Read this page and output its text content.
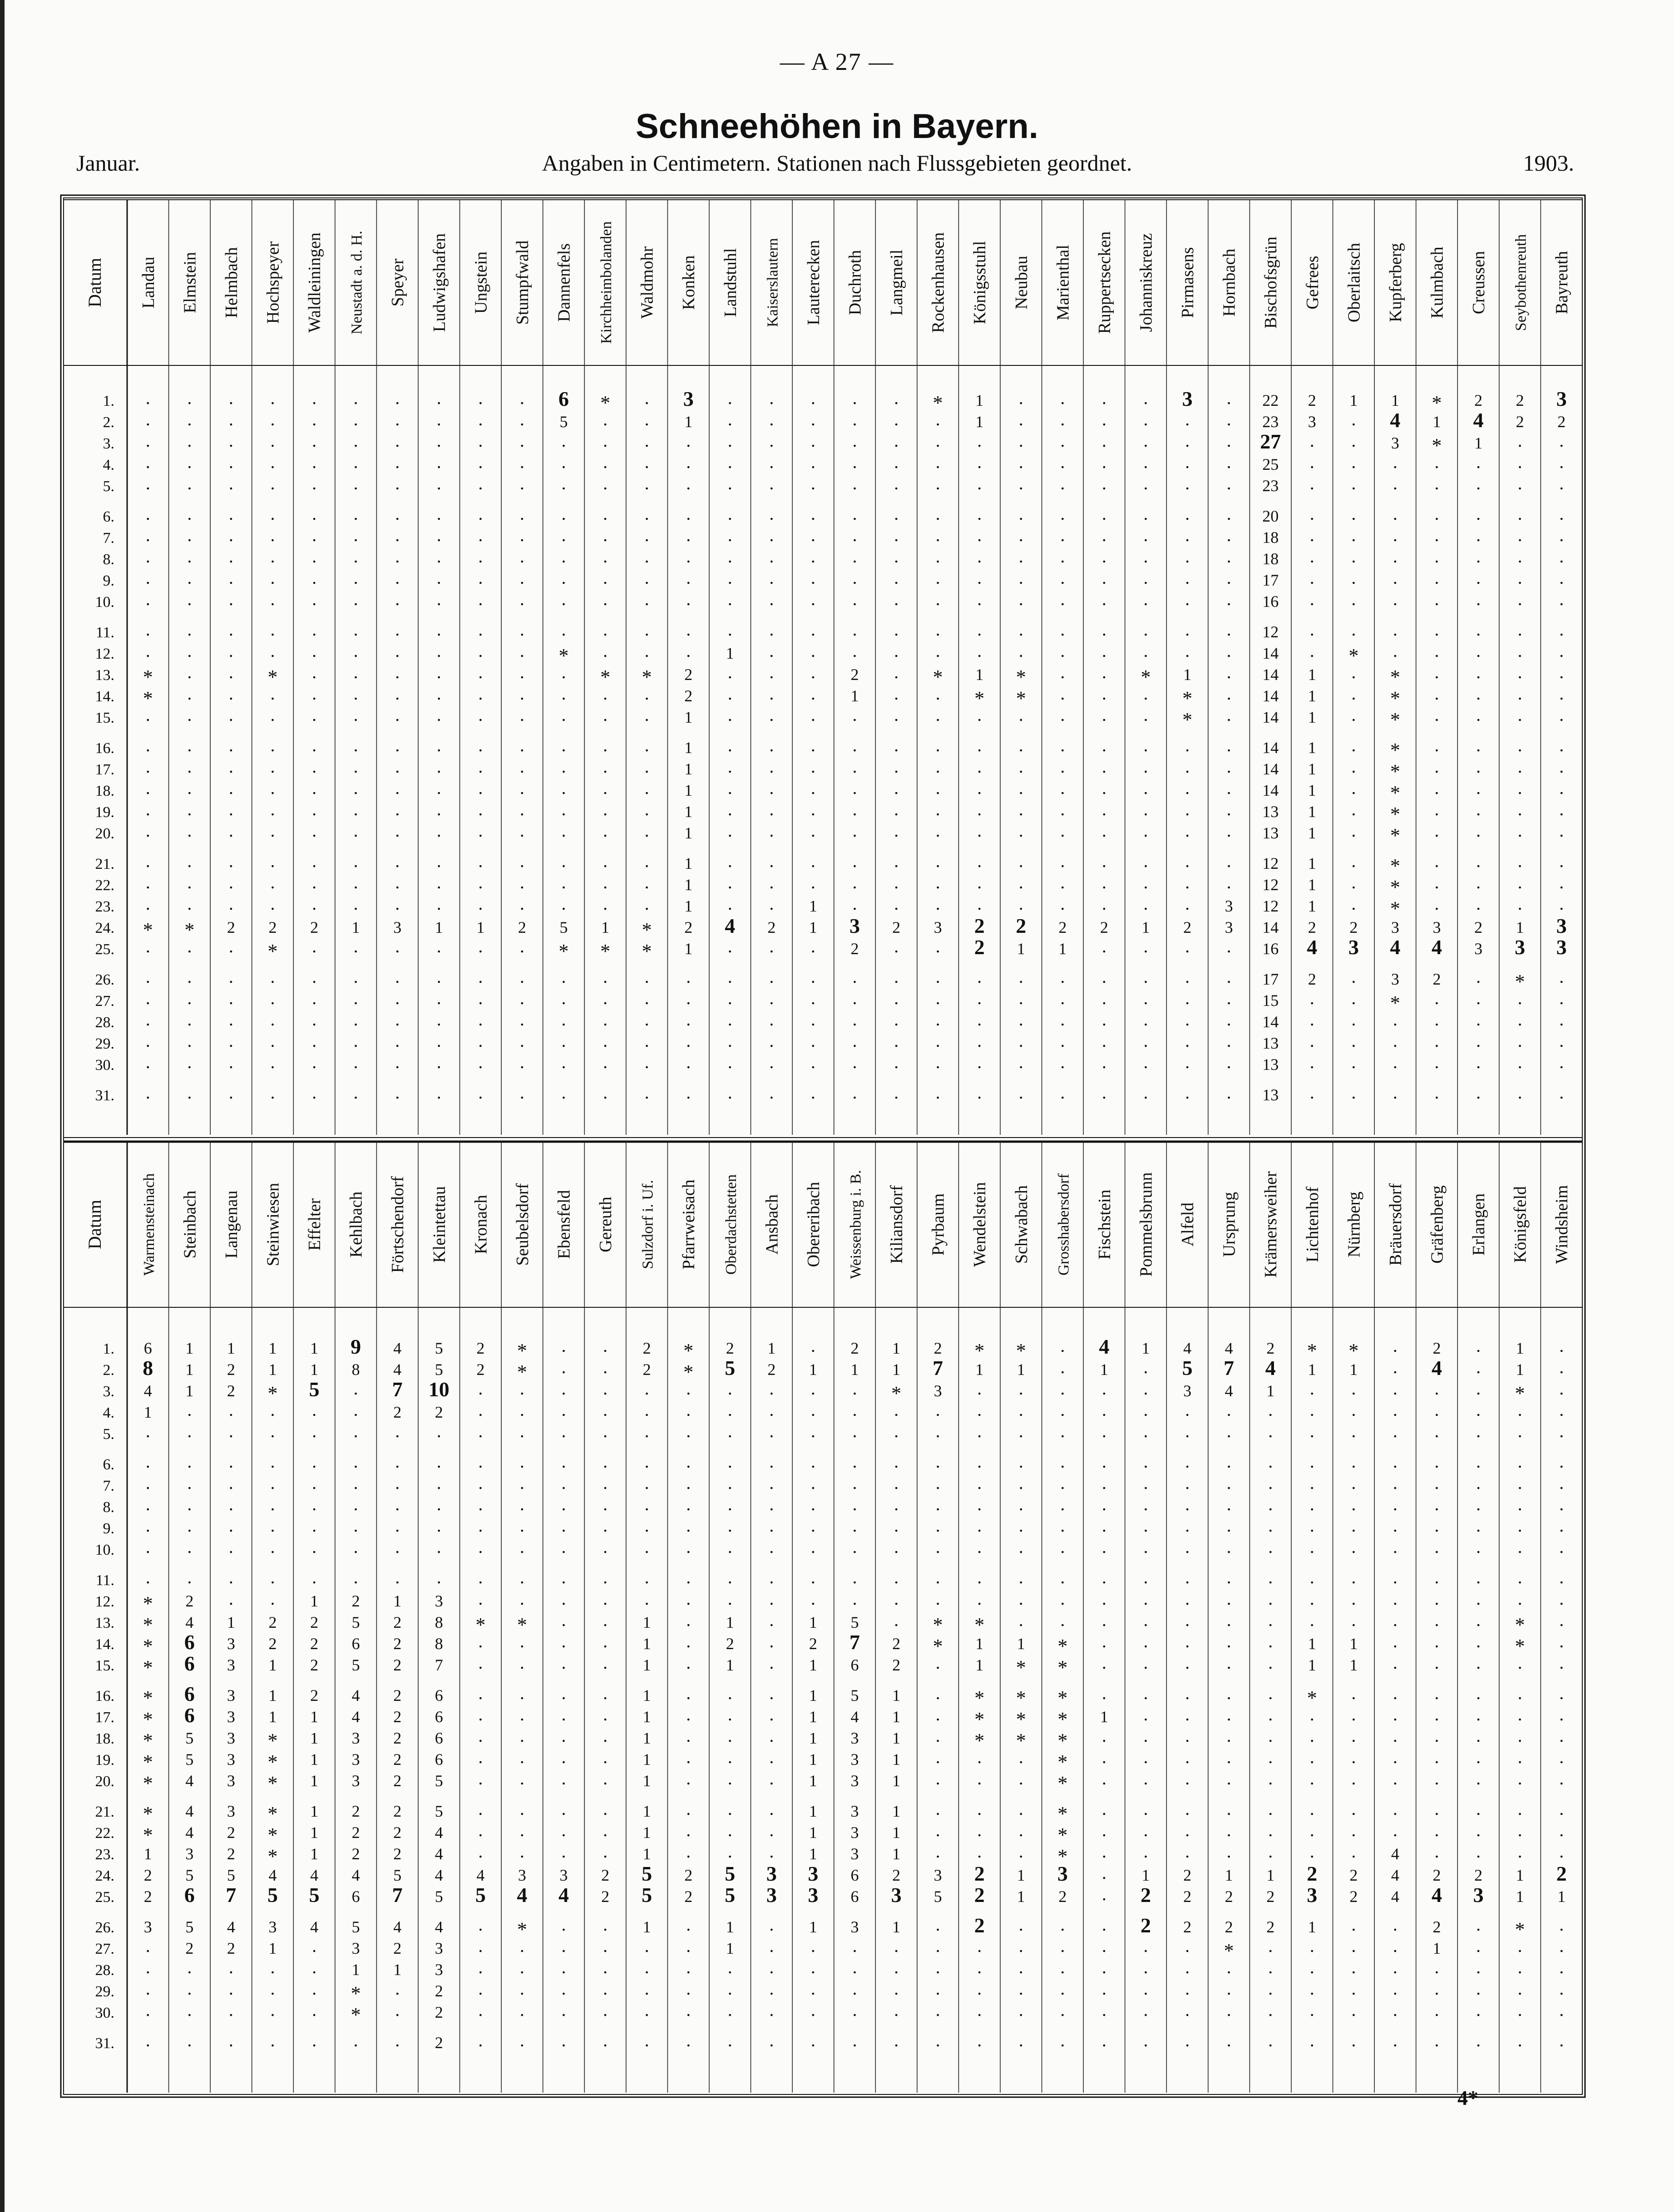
— A 27 —
Schneehöhen in Bayern.
Januar.	Angaben in Centimetern. Stationen nach Flussgebieten geordnet.	1903.
Datum Landau Elmstein Helmbach Hochspeyer Waldleiningen Neustadt a. d. H. Speyer Ludwigshafen Ungstein Stumpfwald Dannenfels Kirchheimbolanden Waldmohr Konken Landstuhl Kaiserslautern Lauterecken Duchroth Langmeil Rockenhausen Königsstuhl Neubau Marienthal Ruppertsecken Johanniskreuz Pirmasens Hornbach Bischofsgrün Gefrees Oberlaitsch Kupferberg Kulmbach Creussen Seybothenreuth Bayreuth
1.
2.
3.
4.
5.
6.
7.
8.
9.
10.
11.
12.
13.
14.
15.
16.
17.
18.
19.
20.
21.
22.
23.
24.
25.
26.
27.
28.
29.
30.
31.
. . . . . . . . . . 6 * . 3 . . . . . * 1 . . . . 3 . 22 2 1 1 * 2 2 3
. . . . . . . . . . 5 . . 1 . . . . . . 1 . . . . . . 23 3 . 4 1 4 2 2
. . . . . . . . . . . . . . . . . . . . . . . . . . . 27 . . 3 * 1 . .
. . . . . . . . . . . . . . . . . . . . . . . . . . . 25 . . . . . . .
. . . . . . . . . . . . . . . . . . . . . . . . . . . 23 . . . . . . .
. . . . . . . . . . . . . . . . . . . . . . . . . . . 20 . . . . . . .
. . . . . . . . . . . . . . . . . . . . . . . . . . . 18 . . . . . . .
. . . . . . . . . . . . . . . . . . . . . . . . . . . 18 . . . . . . .
. . . . . . . . . . . . . . . . . . . . . . . . . . . 17 . . . . . . .
. . . . . . . . . . . . . . . . . . . . . . . . . . . 16 . . . . . . .
. . . . . . . . . . . . . . . . . . . . . . . . . . . 12 . . . . . . .
. . . . . . . . . . * . . . 1 . . . . . . . . . . . . 14 . * . . . . .
* . . * . . . . . . . * * 2 . . . 2 . * 1 * . . * 1 . 14 1 . * . . . .
* . . . . . . . . . . . . 2 . . . 1 . . * * . . . * . 14 1 . * . . . .
. . . . . . . . . . . . . 1 . . . . . . . . . . . * . 14 1 . * . . . .
. . . . . . . . . . . . . 1 . . . . . . . . . . . . . 14 1 . * . . . .
. . . . . . . . . . . . . 1 . . . . . . . . . . . . . 14 1 . * . . . .
. . . . . . . . . . . . . 1 . . . . . . . . . . . . . 14 1 . * . . . .
. . . . . . . . . . . . . 1 . . . . . . . . . . . . . 13 1 . * . . . .
. . . . . . . . . . . . . 1 . . . . . . . . . . . . . 13 1 . * . . . .
. . . . . . . . . . . . . 1 . . . . . . . . . . . . . 12 1 . * . . . .
. . . . . . . . . . . . . 1 . . . . . . . . . . . . . 12 1 . * . . . .
. . . . . . . . . . . . . 1 . . 1 . . . . . . . . . 3 12 1 . * . . . .
* * 2 2 2 1 3 1 1 2 5 1 * 2 4 2 1 3 2 3 2 2 2 2 1 2 3 14 2 2 3 3 2 1 3
. . . * . . . . . . * * * 1 . . . 2 . . 2 1 1 . . . . 16 4 3 4 4 3 3 3
. . . . . . . . . . . . . . . . . . . . . . . . . . . 17 2 . 3 2 . * .
. . . . . . . . . . . . . . . . . . . . . . . . . . . 15 . . * . . . .
. . . . . . . . . . . . . . . . . . . . . . . . . . . 14 . . . . . . .
. . . . . . . . . . . . . . . . . . . . . . . . . . . 13 . . . . . . .
. . . . . . . . . . . . . . . . . . . . . . . . . . . 13 . . . . . . .
. . . . . . . . . . . . . . . . . . . . . . . . . . . 13 . . . . . . .
Datum Warmensteinach Steinbach Langenau Steinwiesen Effelter Kehlbach Förtschendorf Kleintettau Kronach Seubelsdorf Ebensfeld Gereuth Sulzdorf i. Uf. Pfarrweisach Oberdachstetten Ansbach Obereribach Weissenburg i. B. Kiliansdorf Pyrbaum Wendelstein Schwabach Grosshabersdorf Fischstein Pommelsbrunn Alfeld Ursprung Krämersweiher Lichtenhof Nürnberg Bräuersdorf Gräfenberg Erlangen Königsfeld Windsheim
1.
2.
3.
4.
5.
6.
7.
8.
9.
10.
11.
12.
13.
14.
15.
16.
17.
18.
19.
20.
21.
22.
23.
24.
25.
26.
27.
28.
29.
30.
31.
6 1 1 1 1 9 4 5 2 * . . 2 * 2 1 . 2 1 2 * * . 4 1 4 4 2 * * . 2 . 1 .
8 1 2 1 1 8 4 5 2 * . . 2 * 5 2 1 1 1 7 1 1 . 1 . 5 7 4 1 1 . 4 . 1 .
4 1 2 * 5 . 7 10 . . . . . . . . . . * 3 . . . . . 3 4 1 . . . . . * .
1 . . . . . 2 2 . . . . . . . . . . . . . . . . . . . . . . . . . . .
. . . . . . . . . . . . . . . . . . . . . . . . . . . . . . . . . . .
. . . . . . . . . . . . . . . . . . . . . . . . . . . . . . . . . . .
. . . . . . . . . . . . . . . . . . . . . . . . . . . . . . . . . . .
. . . . . . . . . . . . . . . . . . . . . . . . . . . . . . . . . . .
. . . . . . . . . . . . . . . . . . . . . . . . . . . . . . . . . . .
. . . . . . . . . . . . . . . . . . . . . . . . . . . . . . . . . . .
. . . . . . . . . . . . . . . . . . . . . . . . . . . . . . . . . . .
* 2 . . 1 2 1 3 . . . . . . . . . . . . . . . . . . . . . . . . . . .
* 4 1 2 2 5 2 8 * * . . 1 . 1 . 1 5 . * * . . . . . . . . . . . . * .
* 6 3 2 2 6 2 8 . . . . 1 . 2 . 2 7 2 * 1 1 * . . . . . 1 1 . . . * .
* 6 3 1 2 5 2 7 . . . . 1 . 1 . 1 6 2 . 1 * * . . . . . 1 1 . . . . .
* 6 3 1 2 4 2 6 . . . . 1 . . . 1 5 1 . * * * . . . . . * . . . . . .
* 6 3 1 1 4 2 6 . . . . 1 . . . 1 4 1 . * * * 1 . . . . . . . . . . .
* 5 3 * 1 3 2 6 . . . . 1 . . . 1 3 1 . * * * . . . . . . . . . . . .
* 5 3 * 1 3 2 6 . . . . 1 . . . 1 3 1 . . . * . . . . . . . . . . . .
* 4 3 * 1 3 2 5 . . . . 1 . . . 1 3 1 . . . * . . . . . . . . . . . .
* 4 3 * 1 2 2 5 . . . . 1 . . . 1 3 1 . . . * . . . . . . . . . . . .
* 4 2 * 1 2 2 4 . . . . 1 . . . 1 3 1 . . . * . . . . . . . . . . . .
1 3 2 * 1 2 2 4 . . . . 1 . . . 1 3 1 . . . * . . . . . . . 4 . . . .
2 5 5 4 4 4 5 4 4 3 3 2 5 2 5 3 3 6 2 3 2 1 3 . 1 2 1 1 2 2 4 2 2 1 2
2 6 7 5 5 6 7 5 5 4 4 2 5 2 5 3 3 6 3 5 2 1 2 . 2 2 2 2 3 2 4 4 3 1 1
3 5 4 3 4 5 4 4 . * . . 1 . 1 . 1 3 1 . 2 . . . 2 2 2 2 1 . . 2 . * .
. 2 2 1 . 3 2 3 . . . . . . 1 . . . . . . . . . . . * . . . . 1 . . .
. . . . . 1 1 3 . . . . . . . . . . . . . . . . . . . . . . . . . . .
. . . . . * . 2 . . . . . . . . . . . . . . . . . . . . . . . . . . .
. . . . . * . 2 . . . . . . . . . . . . . . . . . . . . . . . . . . .
. . . . . . . 2 . . . . . . . . . . . . . . . . . . . . . . . . . . .
4*
